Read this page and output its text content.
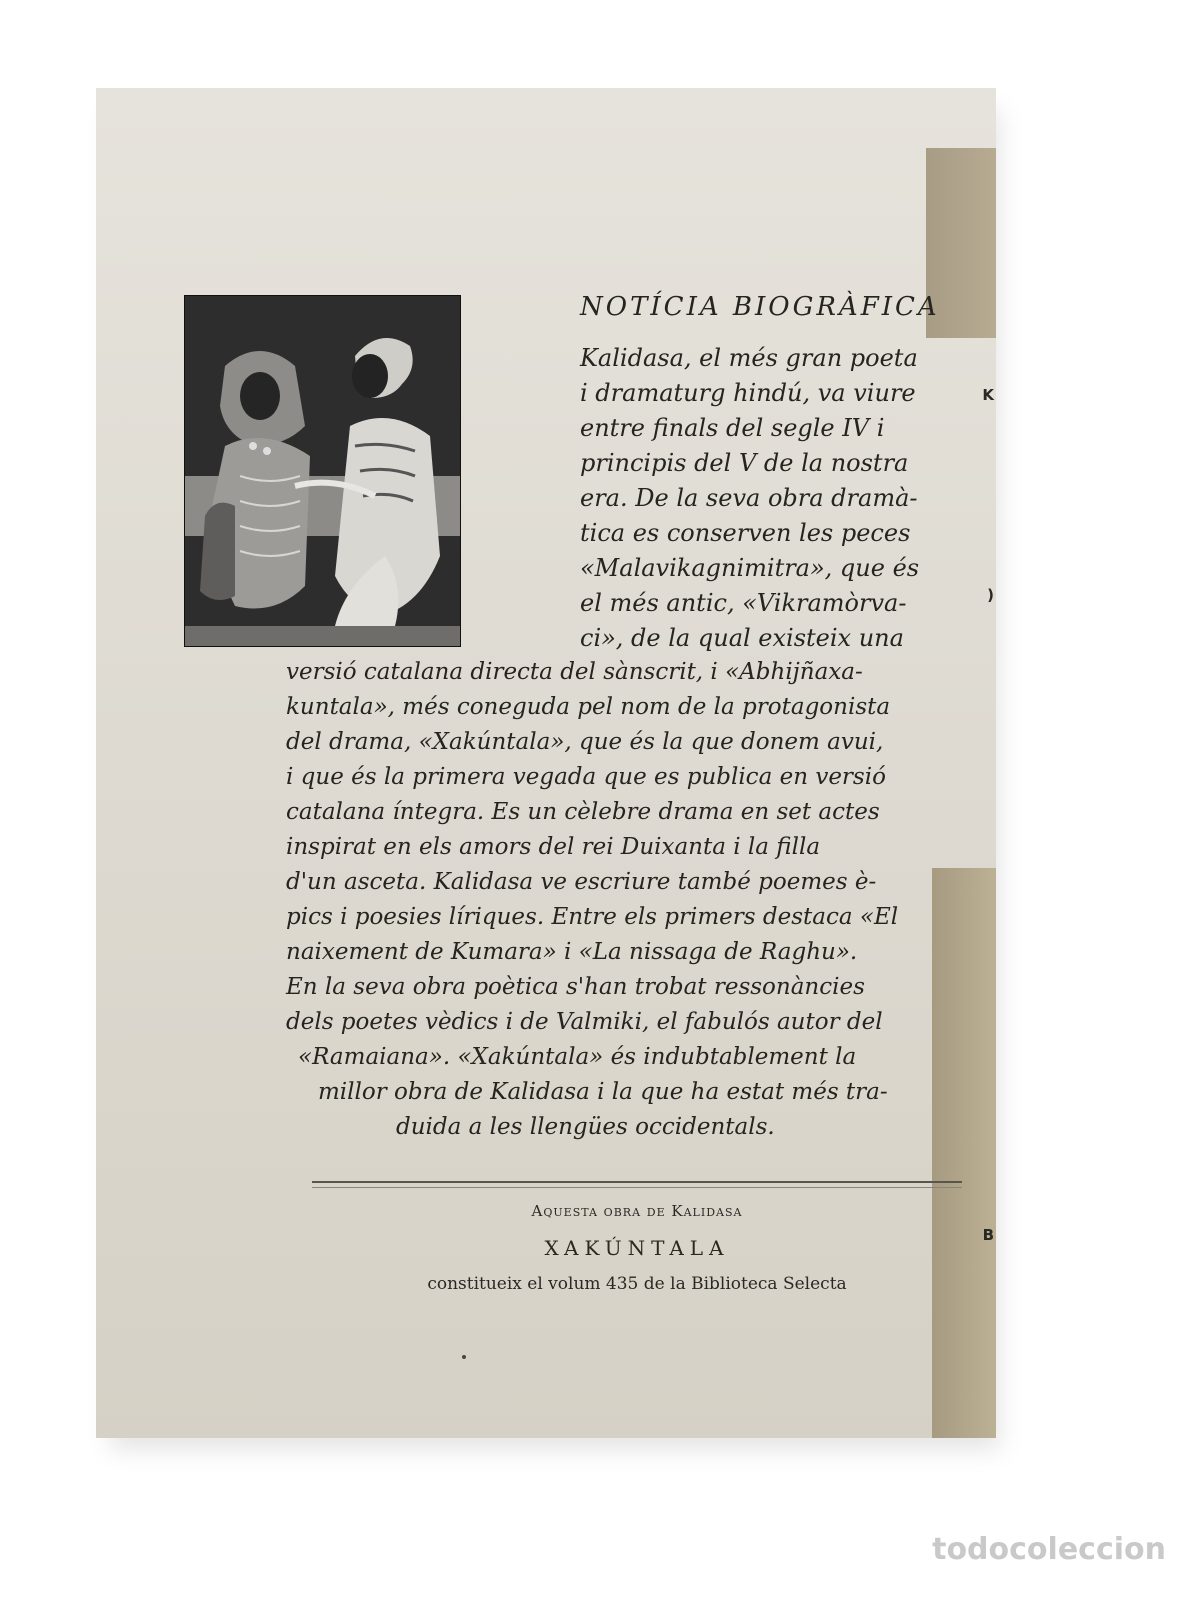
K
)
B
NOTÍCIA BIOGRÀFICA
Kalidasa, el més gran poeta
i dramaturg hindú, va viure
entre finals del segle IV i
principis del V de la nostra
era. De la seva obra dramà-
tica es conserven les peces
«Malavikagnimitra», que és
el més antic, «Vikramòrva-
ci», de la qual existeix una
versió catalana directa del sànscrit, i «Abhijñaxa-
kuntala», més coneguda pel nom de la protagonista
del drama, «Xakúntala», que és la que donem avui,
i que és la primera vegada que es publica en versió
catalana íntegra. Es un cèlebre drama en set actes
inspirat en els amors del rei Duixanta i la filla
d'un asceta. Kalidasa ve escriure també poemes è-
pics i poesies líriques. Entre els primers destaca «El
naixement de Kumara» i «La nissaga de Raghu».
En la seva obra poètica s'han trobat ressonàncies
dels poetes vèdics i de Valmiki, el fabulós autor del
«Ramaiana». «Xakúntala» és indubtablement la
millor obra de Kalidasa i la que ha estat més tra-
duida a les llengües occidentals.
Aquesta obra de Kalidasa
XAKÚNTALA
constitueix el volum 435 de la Biblioteca Selecta
todocoleccion
